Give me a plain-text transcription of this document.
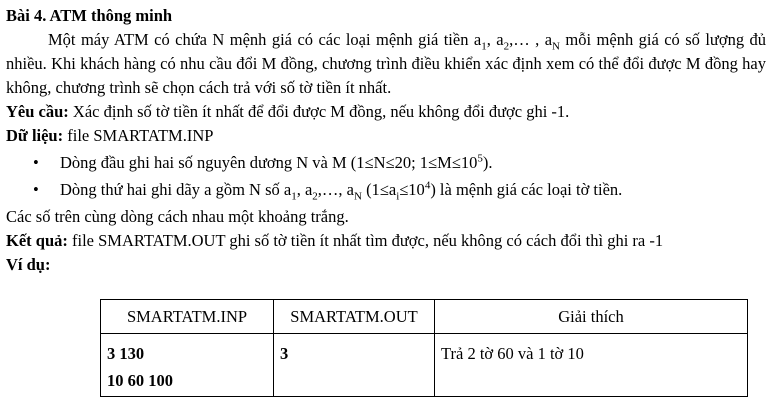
Bài 4. ATM thông minh

Một máy ATM có chứa N mệnh giá có các loại mệnh giá tiền $a_1$, $a_2,\dots$ , $a_N$ mỗi mệnh giá có số lượng đủ nhiều. Khi khách hàng có nhu cầu đổi M đồng, chương trình điều khiển xác định xem có thể đổi được M đồng hay không, chương trình sẽ chọn cách trả với số tờ tiền ít nhất.

Yêu cầu: Xác định số tờ tiền ít nhất để đổi được M đồng, nếu không đổi được ghi -1.

Dữ liệu: file SMARTATM.INP

• Dòng đầu ghi hai số nguyên dương N và M (1≤N≤20; $1\le M\le 10^5$).
• Dòng thứ hai ghi dãy a gồm N số $a_1$, $a_2,\dots$, $a_N$ $(1\le a_i\le 10^4)$ là mệnh giá các loại tờ tiền.

Các số trên cùng dòng cách nhau một khoảng trắng.

Kết quả: file SMARTATM.OUT ghi số tờ tiền ít nhất tìm được, nếu không có cách đổi thì ghi ra -1

Ví dụ:

SMARTATM.INP	SMARTATM.OUT	Giải thích

3 130
10 60 100	3	Trả 2 tờ 60 và 1 tờ 10
